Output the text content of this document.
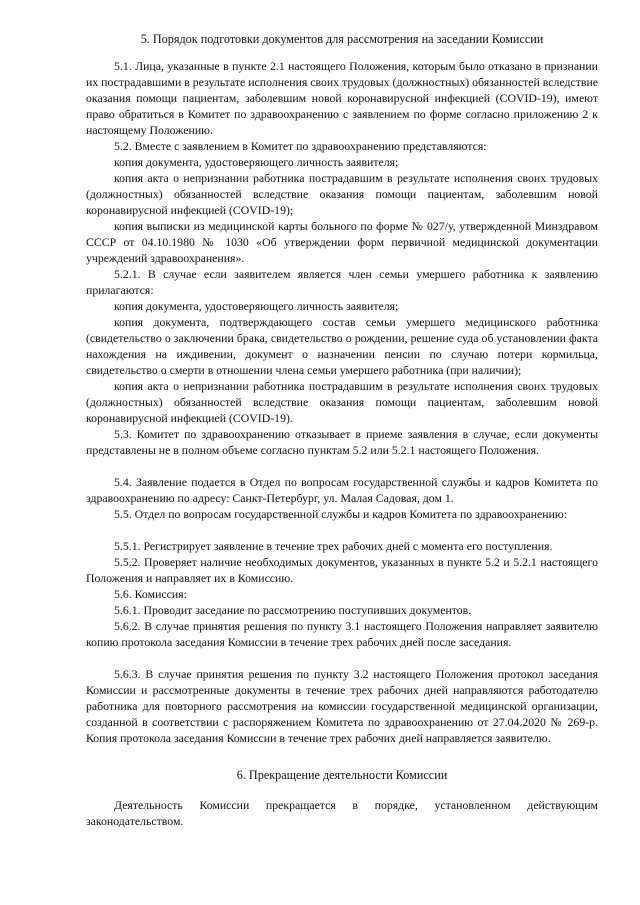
5. Порядок подготовки документов для рассмотрения на заседании Комиссии

5.1. Лица, указанные в пункте 2.1 настоящего Положения, которым было отказано в признании их пострадавшими в результате исполнения своих трудовых (должностных) обязанностей вследствие оказания помощи пациентам, заболевшим новой коронавирусной инфекцией (COVID-19), имеют право обратиться в Комитет по здравоохранению с заявлением по форме согласно приложению 2 к настоящему Положению.

5.2. Вместе с заявлением в Комитет по здравоохранению представляются:

копия документа, удостоверяющего личность заявителя;

копия акта о непризнании работника пострадавшим в результате исполнения своих трудовых (должностных) обязанностей вследствие оказания помощи пациентам, заболевшим новой коронавирусной инфекцией (COVID-19);

копия выписки из медицинской карты больного по форме № 027/у, утвержденной Минздравом СССР от 04.10.1980 № 1030 «Об утверждении форм первичной медицинской документации учреждений здравоохранения».

5.2.1. В случае если заявителем является член семьи умершего работника к заявлению прилагаются:

копия документа, удостоверяющего личность заявителя;

копия документа, подтверждающего состав семьи умершего медицинского работника (свидетельство о заключении брака, свидетельство о рождении, решение суда об установлении факта нахождения на иждивении, документ о назначении пенсии по случаю потери кормильца, свидетельство о смерти в отношении члена семьи умершего работника (при наличии);

копия акта о непризнании работника пострадавшим в результате исполнения своих трудовых (должностных) обязанностей вследствие оказания помощи пациентам, заболевшим новой коронавирусной инфекцией (COVID-19).

5.3. Комитет по здравоохранению отказывает в приеме заявления в случае, если документы представлены не в полном объеме согласно пунктам 5.2 или 5.2.1 настоящего Положения.

5.4. Заявление подается в Отдел по вопросам государственной службы и кадров Комитета по здравоохранению по адресу: Санкт-Петербург, ул. Малая Садовая, дом 1.

5.5. Отдел по вопросам государственной службы и кадров Комитета по здравоохранению:

5.5.1. Регистрирует заявление в течение трех рабочих дней с момента его поступления.

5.5.2. Проверяет наличие необходимых документов, указанных в пункте 5.2 и 5.2.1 настоящего Положения и направляет их в Комиссию.

5.6. Комиссия:

5.6.1. Проводит заседание по рассмотрению поступивших документов.

5.6.2. В случае принятия решения по пункту 3.1 настоящего Положения направляет заявителю копию протокола заседания Комиссии в течение трех рабочих дней после заседания.

5.6.3. В случае принятия решения по пункту 3.2 настоящего Положения протокол заседания Комиссии и рассмотренные документы в течение трех рабочих дней направляются работодателю работника для повторного рассмотрения на комиссии государственной медицинской организации, созданной в соответствии с распоряжением Комитета по здравоохранению от 27.04.2020 № 269-р. Копия протокола заседания Комиссии в течение трех рабочих дней направляется заявителю.

6. Прекращение деятельности Комиссии

Деятельность Комиссии прекращается в порядке, установленном действующим законодательством.
